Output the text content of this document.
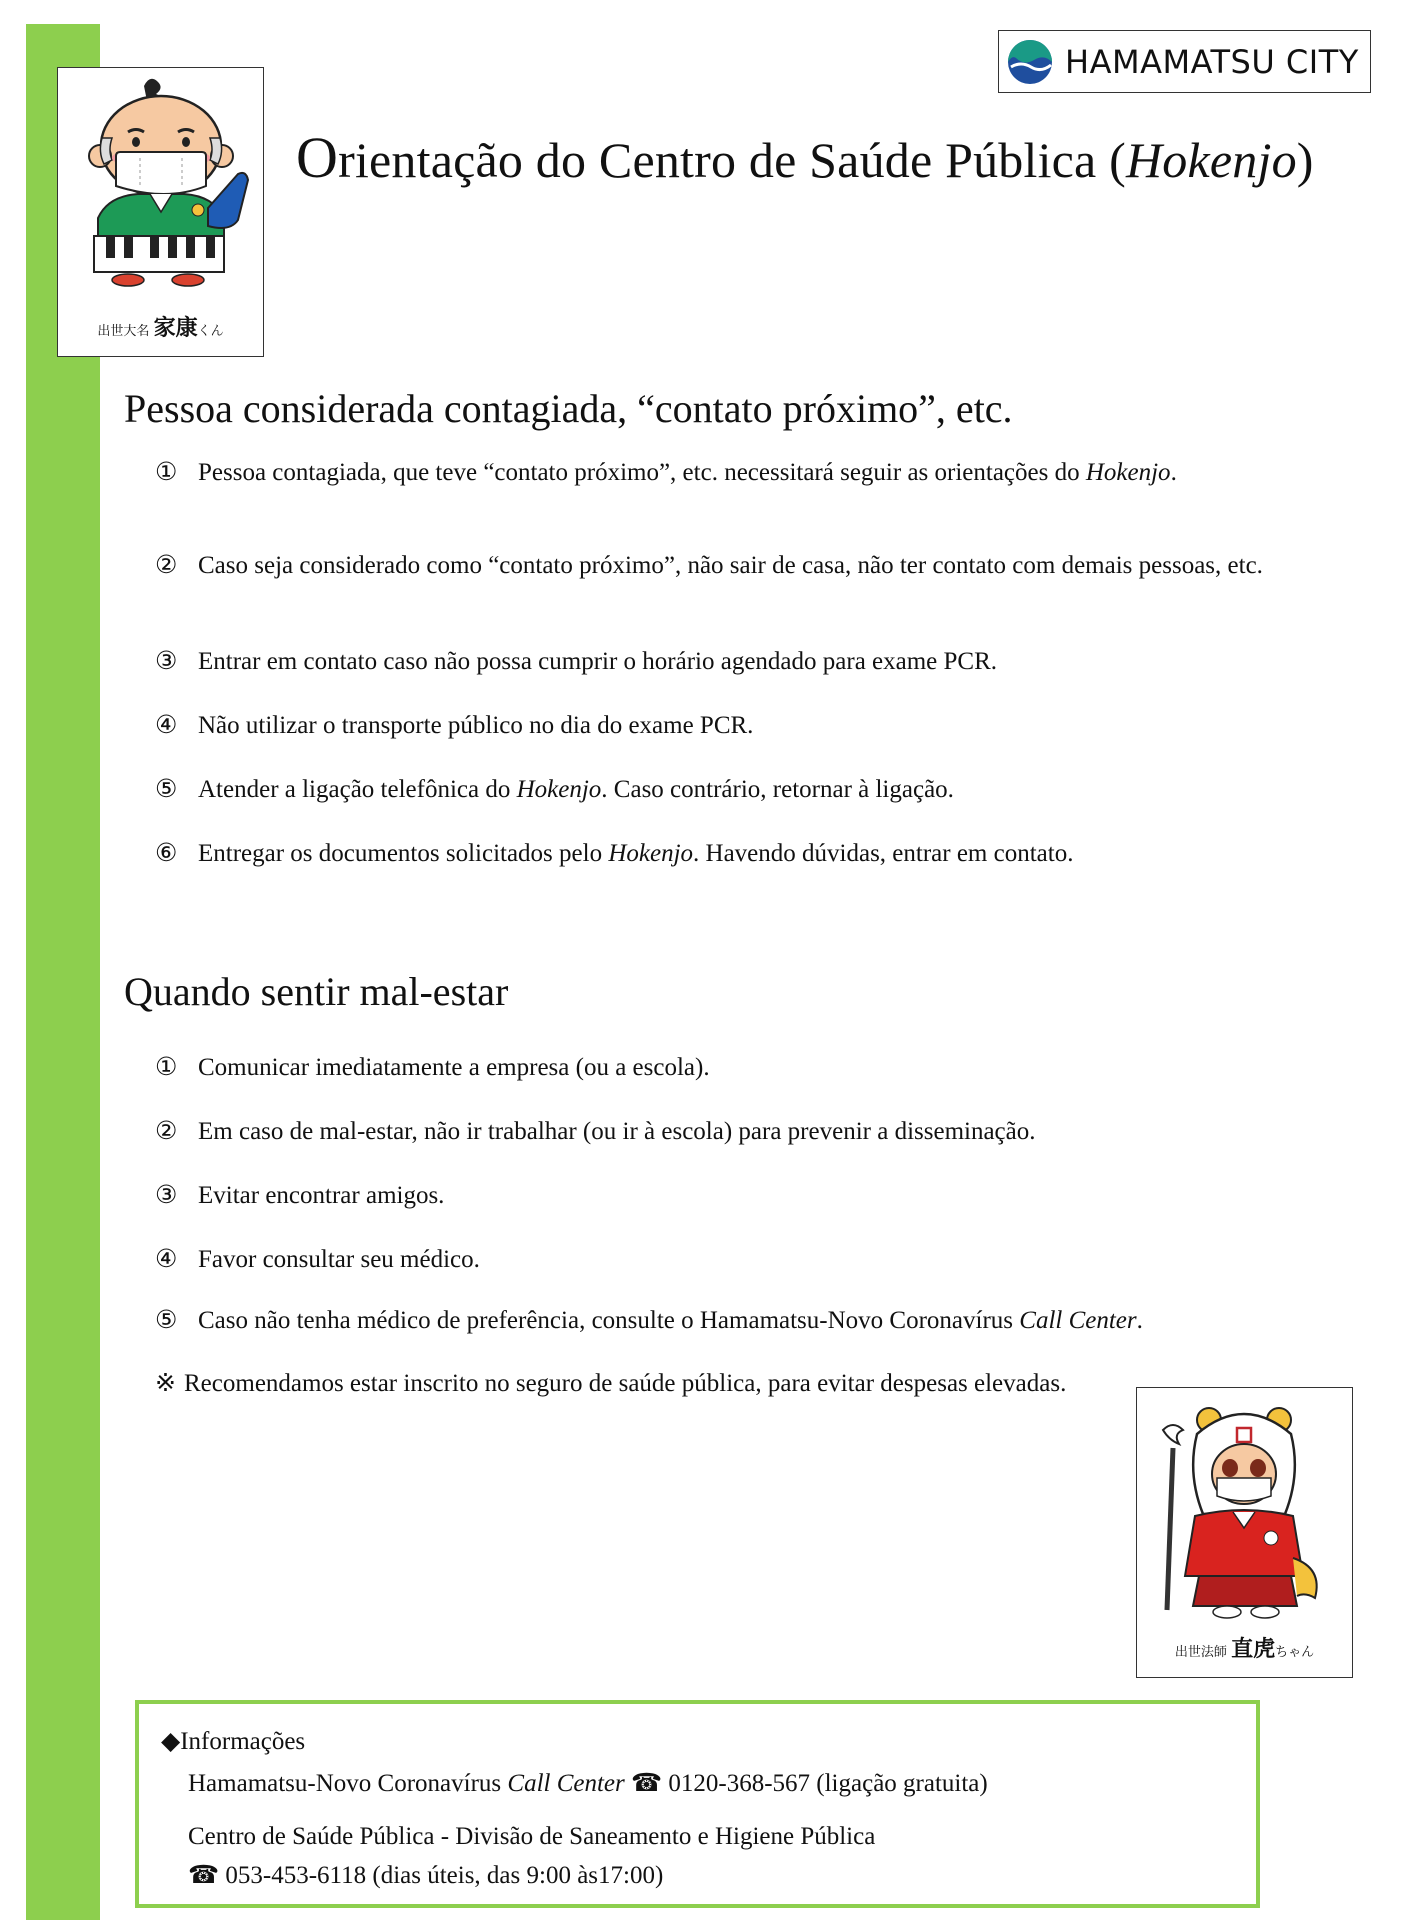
出世大名 家康くん
HAMAMATSU CITY
Orientação do Centro de Saúde Pública (Hokenjo)
Pessoa considerada contagiada, “contato próximo”, etc.
① Pessoa contagiada, que teve “contato próximo”, etc. necessitará seguir as orientações do Hokenjo.
② Caso seja considerado como “contato próximo”, não sair de casa, não ter contato com demais pessoas, etc.
③ Entrar em contato caso não possa cumprir o horário agendado para exame PCR.
④ Não utilizar o transporte público no dia do exame PCR.
⑤ Atender a ligação telefônica do Hokenjo. Caso contrário, retornar à ligação.
⑥ Entregar os documentos solicitados pelo Hokenjo. Havendo dúvidas, entrar em contato.
Quando sentir mal-estar
① Comunicar imediatamente a empresa (ou a escola).
② Em caso de mal-estar, não ir trabalhar (ou ir à escola) para prevenir a disseminação.
③ Evitar encontrar amigos.
④ Favor consultar seu médico.
⑤ Caso não tenha médico de preferência, consulte o Hamamatsu-Novo Coronavírus Call Center.
※ Recomendamos estar inscrito no seguro de saúde pública, para evitar despesas elevadas.
出世法師 直虎ちゃん
◆Informações
Hamamatsu-Novo Coronavírus Call Center ☎ 0120-368-567 (ligação gratuita)
Centro de Saúde Pública - Divisão de Saneamento e Higiene Pública
☎ 053-453-6118 (dias úteis, das 9:00 às17:00)
